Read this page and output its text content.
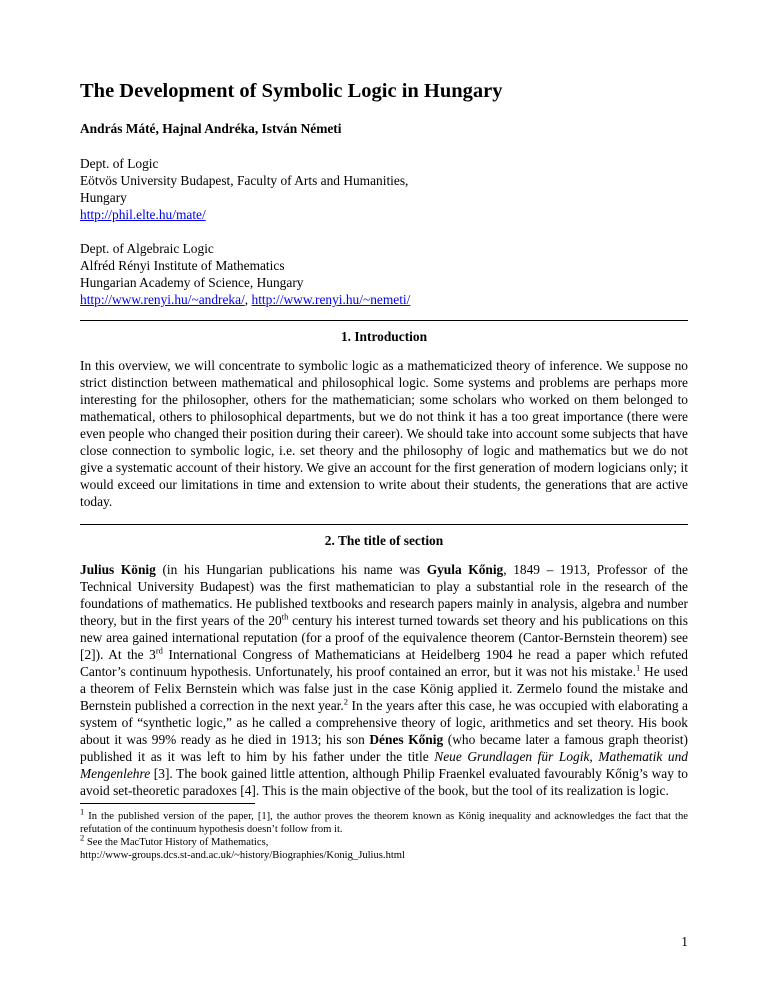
The Development of Symbolic Logic in Hungary

András Máté, Hajnal Andréka, István Németi

Dept. of Logic
Eötvös University Budapest, Faculty of Arts and Humanities,
Hungary
http://phil.elte.hu/mate/
Dept. of Algebraic Logic
Alfréd Rényi Institute of Mathematics
Hungarian Academy of Science, Hungary
http://www.renyi.hu/~andreka/, http://www.renyi.hu/~nemeti/
1. Introduction

In this overview, we will concentrate to symbolic logic as a mathematicized theory of inference. We suppose no strict distinction between mathematical and philosophical logic. Some systems and problems are perhaps more interesting for the philosopher, others for the mathematician; some scholars who worked on them belonged to mathematical, others to philosophical departments, but we do not think it has a too great importance (there were even people who changed their position during their career). We should take into account some subjects that have close connection to symbolic logic, i.e. set theory and the philosophy of logic and mathematics but we do not give a systematic account of their history. We give an account for the first generation of modern logicians only; it would exceed our limitations in time and extension to write about their students, the generations that are active today.

2. The title of section

Julius König (in his Hungarian publications his name was Gyula Kőnig, 1849 – 1913, Professor of the Technical University Budapest) was the first mathematician to play a substantial role in the research of the foundations of mathematics. He published textbooks and research papers mainly in analysis, algebra and number theory, but in the first years of the 20th century his interest turned towards set theory and his publications on this new area gained international reputation (for a proof of the equivalence theorem (Cantor-Bernstein theorem) see [2]). At the 3rd International Congress of Mathematicians at Heidelberg 1904 he read a paper which refuted Cantor’s continuum hypothesis. Unfortunately, his proof contained an error, but it was not his mistake.$^1$ He used a theorem of Felix Bernstein which was false just in the case König applied it. Zermelo found the mistake and Bernstein published a correction in the next year.$^2$ In the years after this case, he was occupied with elaborating a system of “synthetic logic,” as he called a comprehensive theory of logic, arithmetics and set theory. His book about it was 99% ready as he died in 1913; his son Dénes Kőnig (who became later a famous graph theorist) published it as it was left to him by his father under the title Neue Grundlagen für Logik, Mathematik und Mengenlehre [3]. The book gained little attention, although Philip Fraenkel evaluated favourably Kőnig’s way to avoid set-theoretic paradoxes [4]. This is the main objective of the book, but the tool of its realization is logic.

$^1$ In the published version of the paper, [1], the author proves the theorem known as König inequality and acknowledges the fact that the refutation of the continuum hypothesis doesn’t follow from it.

$^2$ See the MacTutor History of Mathematics,
http://www-groups.dcs.st-and.ac.uk/~history/Biographies/Konig_Julius.html

1
